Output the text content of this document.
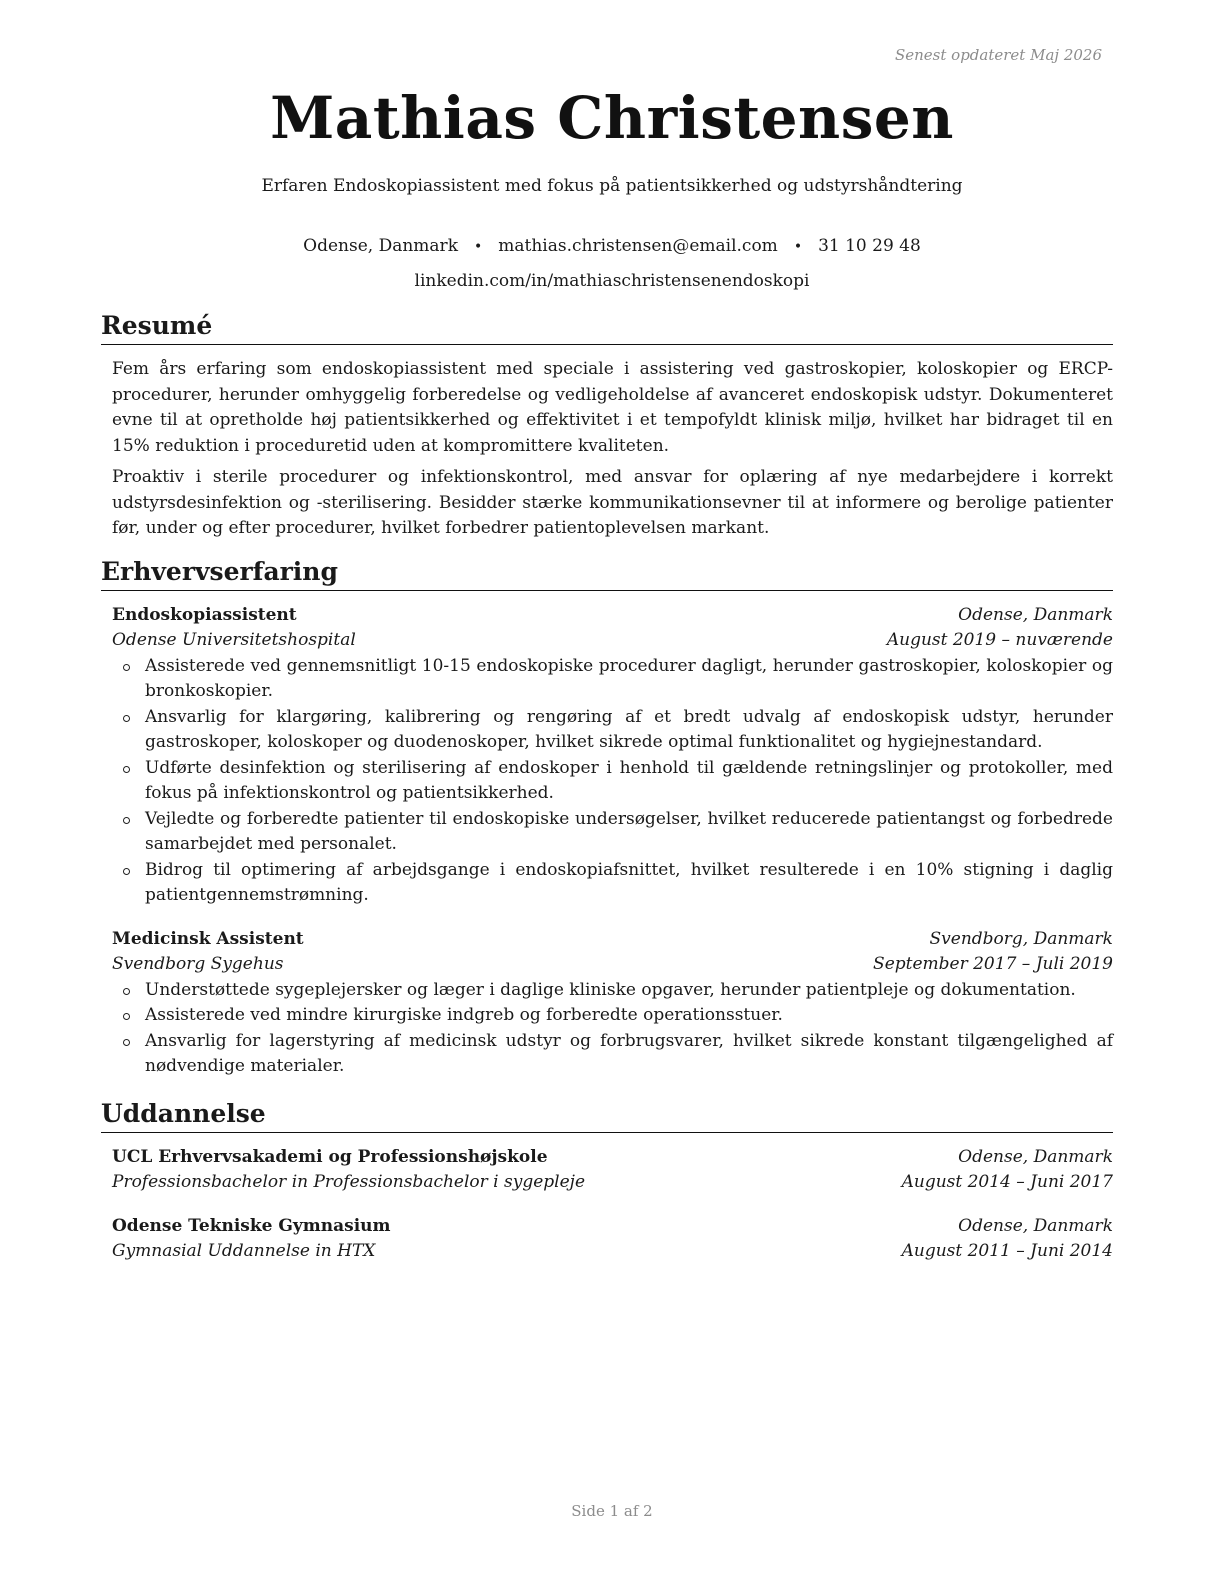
Senest opdateret Maj 2026
Mathias Christensen
Erfaren Endoskopiassistent med fokus på patientsikkerhed og udstyrshåndtering
Odense, Danmark • mathias.christensen@email.com • 31 10 29 48
linkedin.com/in/mathiaschristensenendoskopi
Resumé

Fem års erfaring som endoskopiassistent med speciale i assistering ved gastroskopier, koloskopier og ERCP-procedurer, herunder omhyggelig forberedelse og vedligeholdelse af avanceret endoskopisk udstyr. Dokumenteret evne til at opretholde høj patientsikkerhed og effektivitet i et tempofyldt klinisk miljø, hvilket har bidraget til en 15% reduktion i proceduretid uden at kompromittere kvaliteten.

Proaktiv i sterile procedurer og infektionskontrol, med ansvar for oplæring af nye medarbejdere i korrekt udstyrsdesinfektion og -sterilisering. Besidder stærke kommunikationsevner til at informere og berolige patienter før, under og efter procedurer, hvilket forbedrer patientoplevelsen markant.

Erhvervserfaring
Endoskopiassistent	Odense, Danmark
Odense Universitetshospital	August 2019 – nuværende
Assisterede ved gennemsnitligt 10-15 endoskopiske procedurer dagligt, herunder gastroskopier, koloskopier og bronkoskopier.
Ansvarlig for klargøring, kalibrering og rengøring af et bredt udvalg af endoskopisk udstyr, herunder gastroskoper, koloskoper og duodenoskoper, hvilket sikrede optimal funktionalitet og hygiejnestandard.
Udførte desinfektion og sterilisering af endoskoper i henhold til gældende retningslinjer og protokoller, med fokus på infektionskontrol og patientsikkerhed.
Vejledte og forberedte patienter til endoskopiske undersøgelser, hvilket reducerede patientangst og forbedrede samarbejdet med personalet.
Bidrog til optimering af arbejdsgange i endoskopiafsnittet, hvilket resulterede i en 10% stigning i daglig patientgennemstrømning.
Medicinsk Assistent	Svendborg, Danmark
Svendborg Sygehus	September 2017 – Juli 2019
Understøttede sygeplejersker og læger i daglige kliniske opgaver, herunder patientpleje og dokumentation.
Assisterede ved mindre kirurgiske indgreb og forberedte operationsstuer.
Ansvarlig for lagerstyring af medicinsk udstyr og forbrugsvarer, hvilket sikrede konstant tilgængelighed af nødvendige materialer.
Uddannelse
UCL Erhvervsakademi og Professionshøjskole	Odense, Danmark
Professionsbachelor in Professionsbachelor i sygepleje	August 2014 – Juni 2017
Odense Tekniske Gymnasium	Odense, Danmark
Gymnasial Uddannelse in HTX	August 2011 – Juni 2014
Side 1 af 2
